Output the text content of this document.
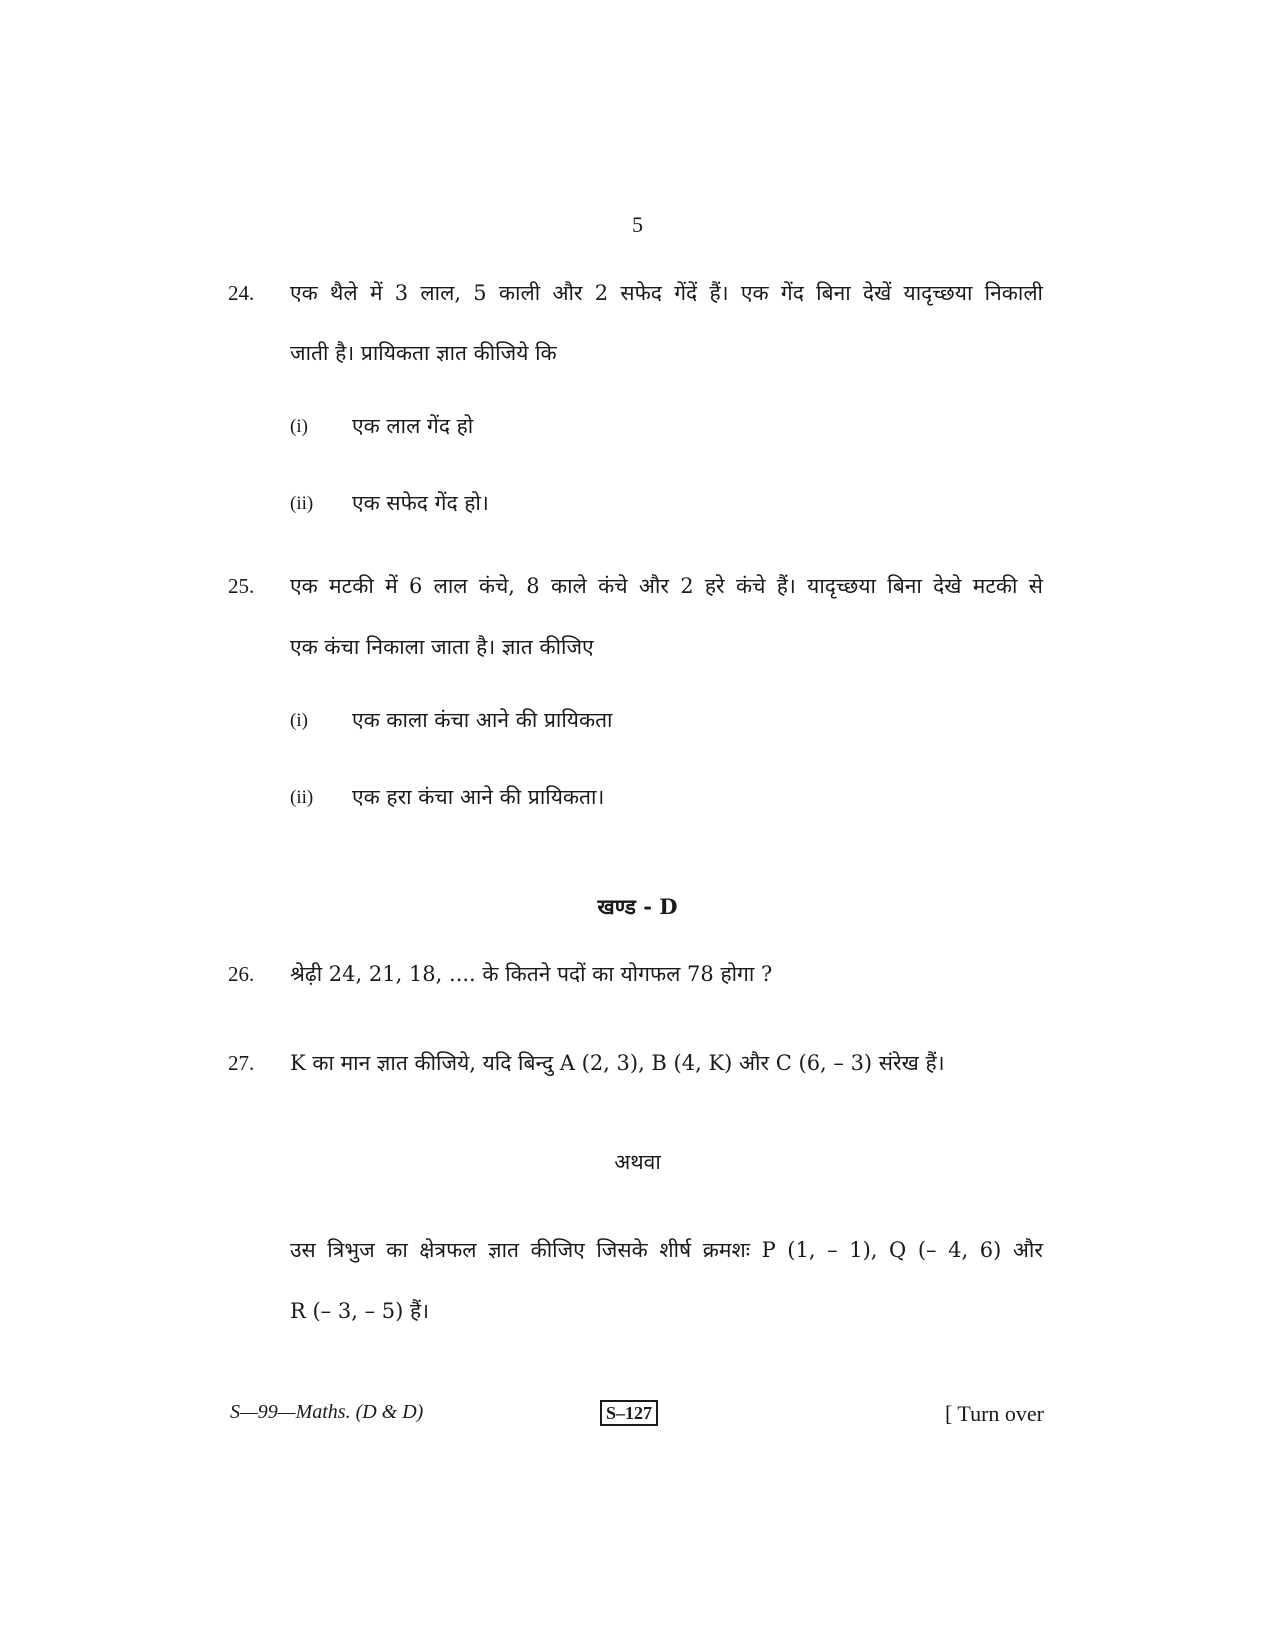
5
24. एक थैले में 3 लाल, 5 काली और 2 सफेद गेंदें हैं। एक गेंद बिना देखें यादृच्छया निकाली
जाती है। प्रायिकता ज्ञात कीजिये कि
(i) एक लाल गेंद हो
(ii) एक सफेद गेंद हो।
25. एक मटकी में 6 लाल कंचे, 8 काले कंचे और 2 हरे कंचे हैं। यादृच्छया बिना देखे मटकी से
एक कंचा निकाला जाता है। ज्ञात कीजिए
(i) एक काला कंचा आने की प्रायिकता
(ii) एक हरा कंचा आने की प्रायिकता।
खण्ड - D
26. श्रेढ़ी 24, 21, 18, .... के कितने पदों का योगफल 78 होगा ?
27. K का मान ज्ञात कीजिये, यदि बिन्दु A (2, 3), B (4, K) और C (6, – 3) संरेख हैं।
अथवा
उस त्रिभुज का क्षेत्रफल ज्ञात कीजिए जिसके शीर्ष क्रमशः P (1, – 1), Q (– 4, 6) और
R (– 3, – 5) हैं।
S—99—Maths. (D & D)	S–127	[ Turn over
